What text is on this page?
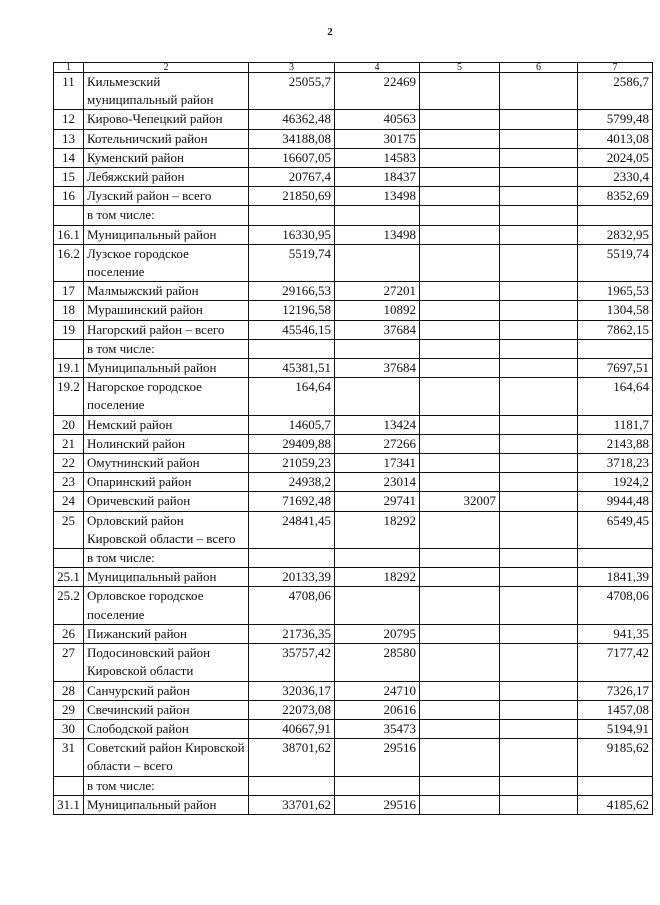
2
1	2	3	4	5	6	7
11	Кильмезский муниципальный район	25055,7	22469			2586,7
12	Кирово-Чепецкий район	46362,48	40563			5799,48
13	Котельничский район	34188,08	30175			4013,08
14	Куменский район	16607,05	14583			2024,05
15	Лебяжский район	20767,4	18437			2330,4
16	Лузский район – всего	21850,69	13498			8352,69
	в том числе:					
16.1	Муниципальный район	16330,95	13498			2832,95
16.2	Лузское городское поселение	5519,74				5519,74
17	Малмыжский район	29166,53	27201			1965,53
18	Мурашинский район	12196,58	10892			1304,58
19	Нагорский район – всего	45546,15	37684			7862,15
	в том числе:					
19.1	Муниципальный район	45381,51	37684			7697,51
19.2	Нагорское городское поселение	164,64				164,64
20	Немский район	14605,7	13424			1181,7
21	Нолинский район	29409,88	27266			2143,88
22	Омутнинский район	21059,23	17341			3718,23
23	Опаринский район	24938,2	23014			1924,2
24	Оричевский район	71692,48	29741	32007		9944,48
25	Орловский район Кировской области – всего	24841,45	18292			6549,45
	в том числе:					
25.1	Муниципальный район	20133,39	18292			1841,39
25.2	Орловское городское поселение	4708,06				4708,06
26	Пижанский район	21736,35	20795			941,35
27	Подосиновский район Кировской области	35757,42	28580			7177,42
28	Санчурский район	32036,17	24710			7326,17
29	Свечинский район	22073,08	20616			1457,08
30	Слободской район	40667,91	35473			5194,91
31	Советский район Кировской области – всего	38701,62	29516			9185,62
	в том числе:					
31.1	Муниципальный район	33701,62	29516			4185,62
